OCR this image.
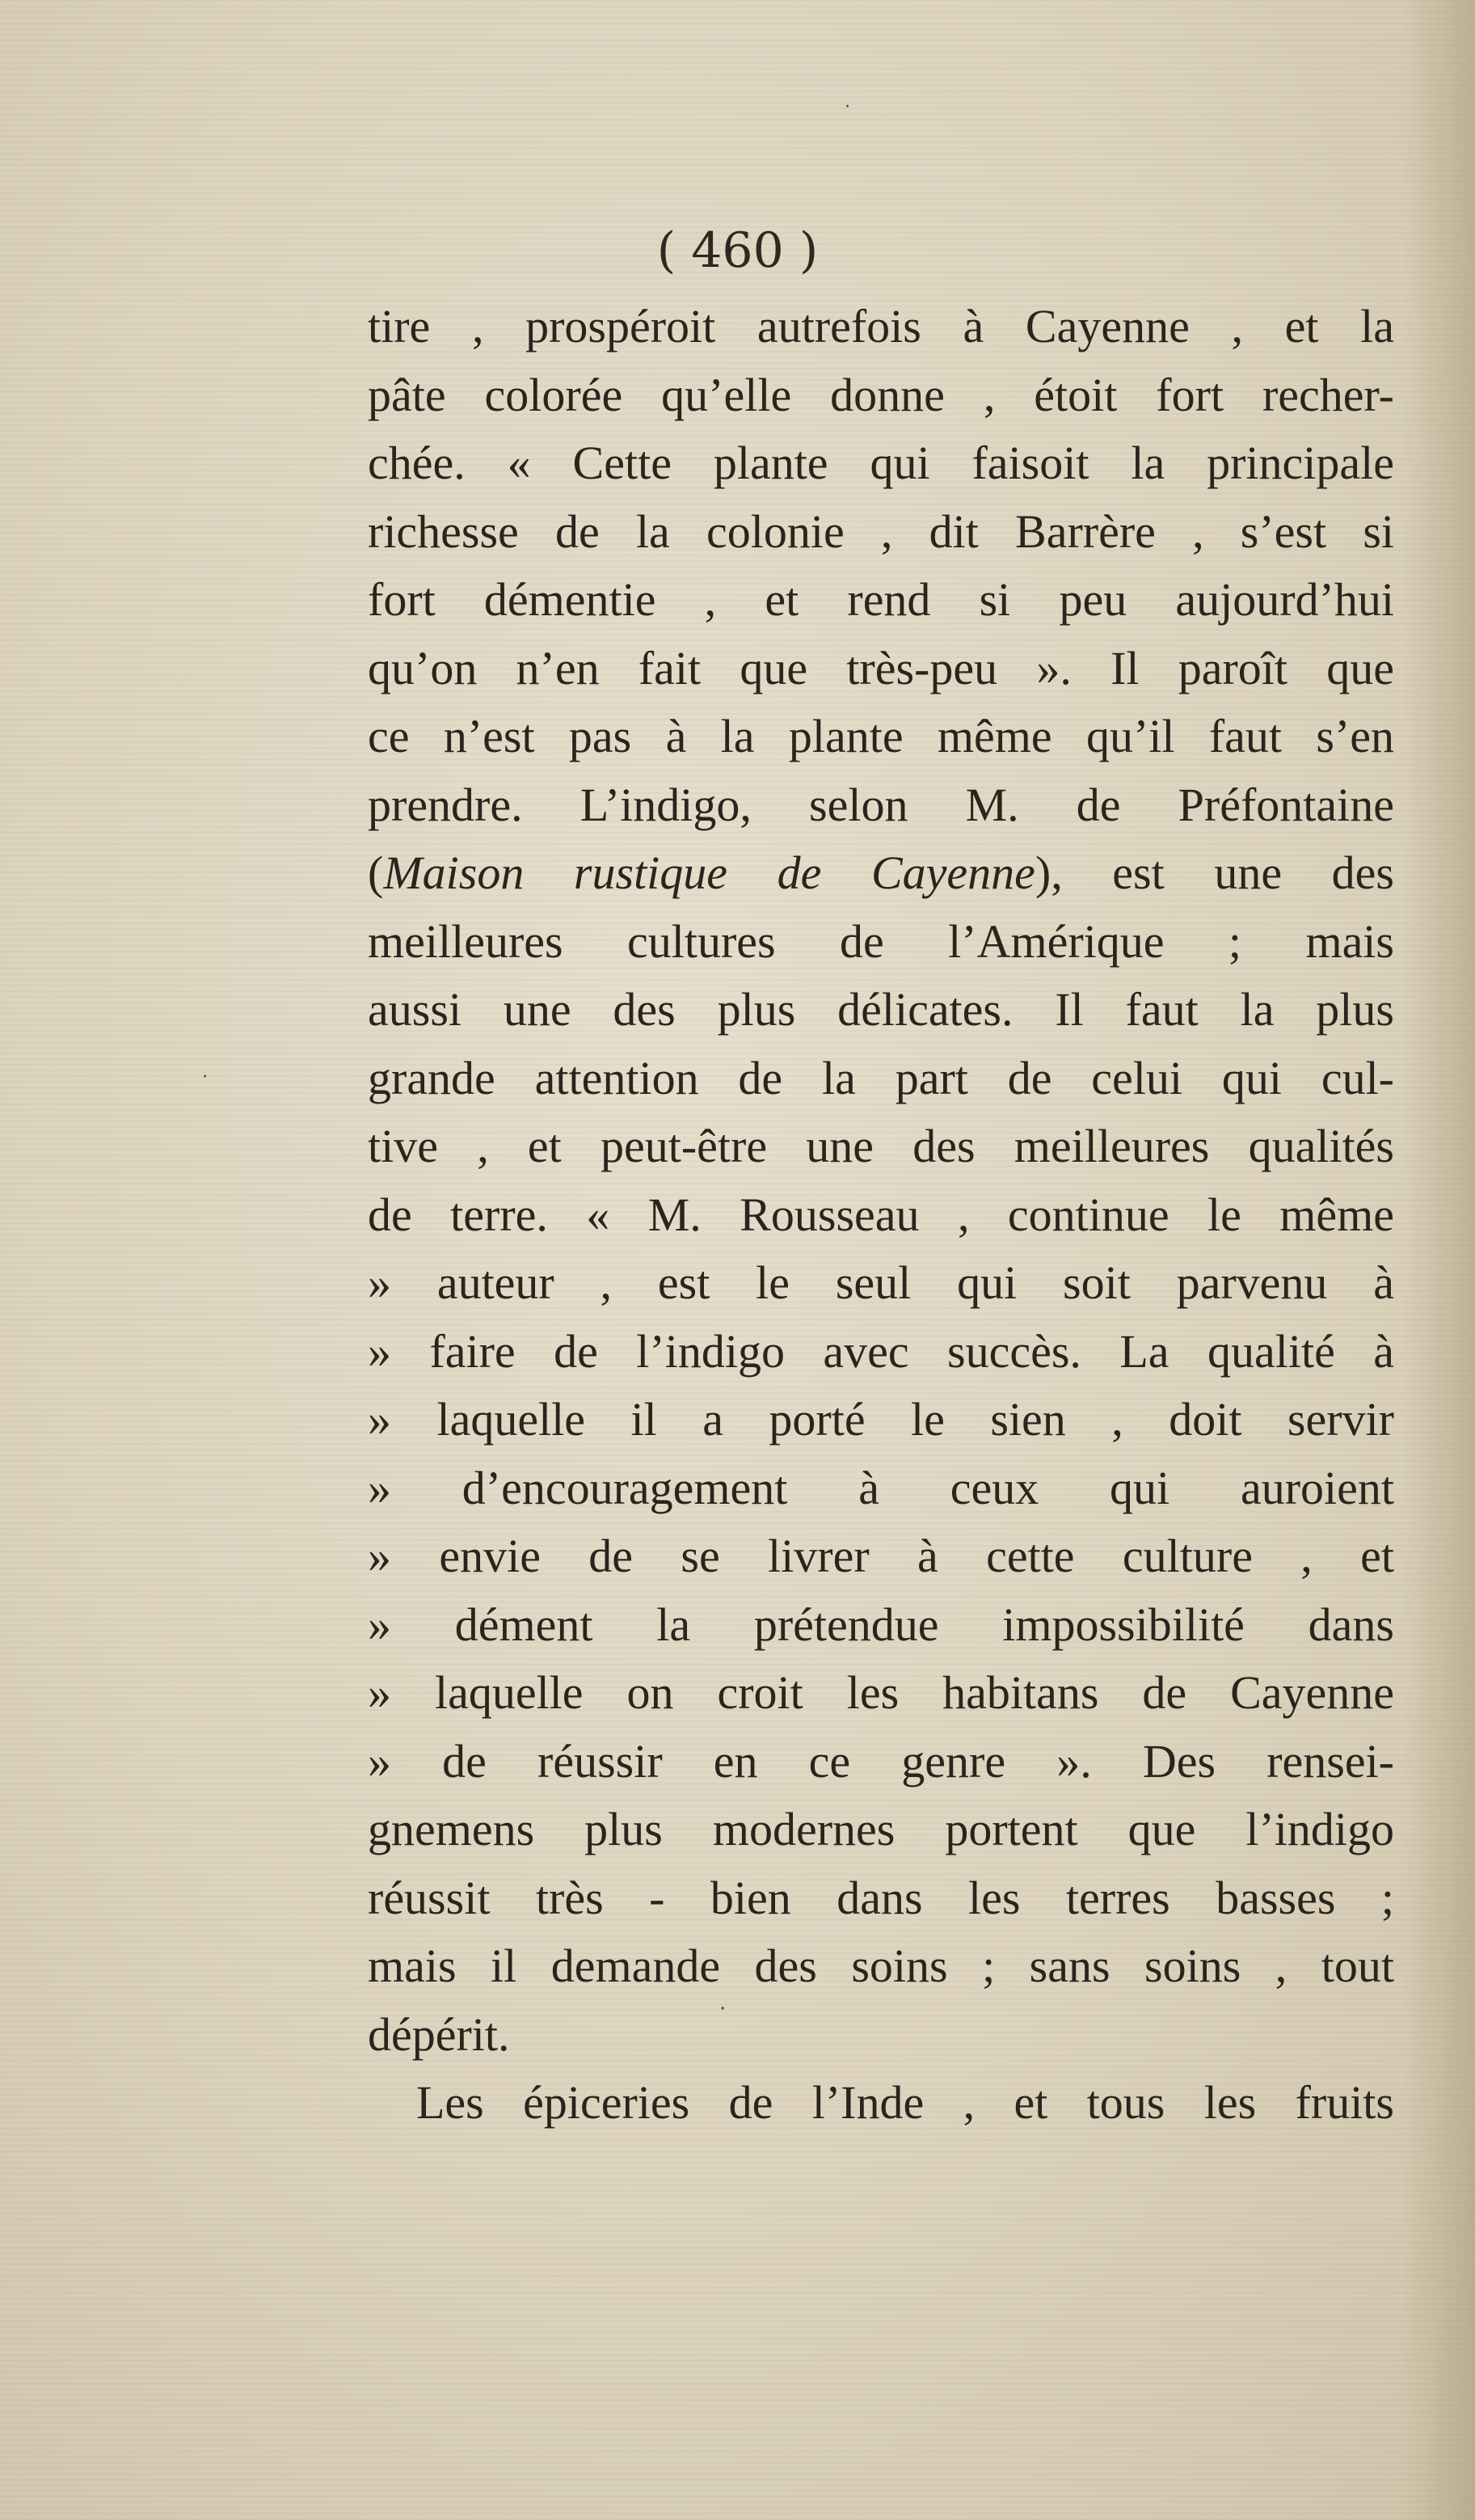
( 460 )
tire , prospéroit autrefois à Cayenne , et la
pâte colorée qu’elle donne , étoit fort recher-
chée. « Cette plante qui faisoit la principale
richesse de la colonie , dit Barrère , s’est si
fort démentie , et rend si peu aujourd’hui
qu’on n’en fait que très-peu ». Il paroît que
ce n’est pas à la plante même qu’il faut s’en
prendre. L’indigo, selon M. de Préfontaine
(Maison rustique de Cayenne), est une des
meilleures cultures de l’Amérique ; mais
aussi une des plus délicates. Il faut la plus
grande attention de la part de celui qui cul-
tive , et peut-être une des meilleures qualités
de terre. « M. Rousseau , continue le même
» auteur , est le seul qui soit parvenu à
» faire de l’indigo avec succès. La qualité à
» laquelle il a porté le sien , doit servir
» d’encouragement à ceux qui auroient
» envie de se livrer à cette culture , et
» dément la prétendue impossibilité dans
» laquelle on croit les habitans de Cayenne
» de réussir en ce genre ». Des rensei-
gnemens plus modernes portent que l’indigo
réussit très - bien dans les terres basses ;
mais il demande des soins ; sans soins , tout
dépérit.
Les épiceries de l’Inde , et tous les fruits
·
·
·
